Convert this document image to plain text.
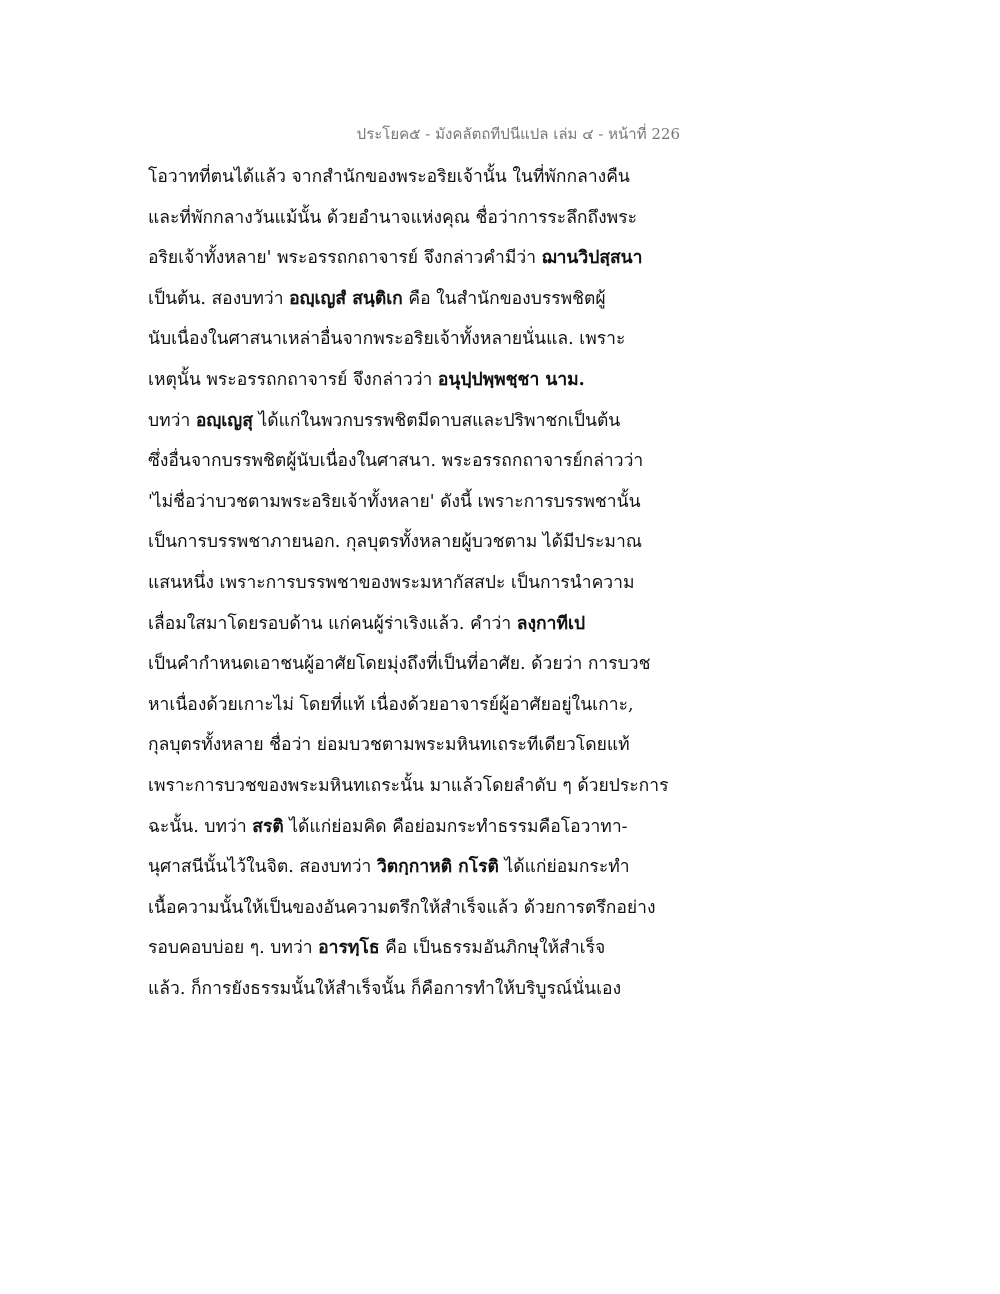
ประโยค๕ - มังคลัตถทีปนีแปล เล่ม ๔ - หน้าที่ 226
โอวาทที่ตนได้แล้ว จากสำนักของพระอริยเจ้านั้น ในที่พักกลางคืน
และที่พักกลางวันแม้นั้น ด้วยอำนาจแห่งคุณ ชื่อว่าการระลึกถึงพระ
อริยเจ้าทั้งหลาย' พระอรรถกถาจารย์ จึงกล่าวคำมีว่า ฌานวิปสฺสนา
เป็นต้น. สองบทว่า อญฺเญสํ สนฺติเก คือ ในสำนักของบรรพชิตผู้
นับเนื่องในศาสนาเหล่าอื่นจากพระอริยเจ้าทั้งหลายนั่นแล. เพราะ
เหตุนั้น พระอรรถกถาจารย์ จึงกล่าวว่า อนุปฺปพฺพชฺชา นาม.
บทว่า อญฺเญสุ ได้แก่ในพวกบรรพชิตมีดาบสและปริพาชกเป็นต้น
ซึ่งอื่นจากบรรพชิตผู้นับเนื่องในศาสนา. พระอรรถกถาจารย์กล่าวว่า
'ไม่ชื่อว่าบวชตามพระอริยเจ้าทั้งหลาย' ดังนี้ เพราะการบรรพชานั้น
เป็นการบรรพชาภายนอก. กุลบุตรทั้งหลายผู้บวชตาม ได้มีประมาณ
แสนหนึ่ง เพราะการบรรพชาของพระมหากัสสปะ เป็นการนำความ
เลื่อมใสมาโดยรอบด้าน แก่คนผู้ร่าเริงแล้ว. คำว่า ลงฺกาทีเป
เป็นคำกำหนดเอาชนผู้อาศัยโดยมุ่งถึงที่เป็นที่อาศัย. ด้วยว่า การบวช
หาเนื่องด้วยเกาะไม่ โดยที่แท้ เนื่องด้วยอาจารย์ผู้อาศัยอยู่ในเกาะ,
กุลบุตรทั้งหลาย ชื่อว่า ย่อมบวชตามพระมหินทเถระทีเดียวโดยแท้
เพราะการบวชของพระมหินทเถระนั้น มาแล้วโดยลำดับ ๆ ด้วยประการ
ฉะนั้น. บทว่า สรติ ได้แก่ย่อมคิด คือย่อมกระทำธรรมคือโอวาทา-
นุศาสนีนั้นไว้ในจิต. สองบทว่า วิตกฺกาหติ กโรติ ได้แก่ย่อมกระทำ
เนื้อความนั้นให้เป็นของอันความตรึกให้สำเร็จแล้ว ด้วยการตรึกอย่าง
รอบคอบบ่อย ๆ. บทว่า อารทฺโธ คือ เป็นธรรมอันภิกษุให้สำเร็จ
แล้ว. ก็การยังธรรมนั้นให้สำเร็จนั้น ก็คือการทำให้บริบูรณ์นั่นเอง
